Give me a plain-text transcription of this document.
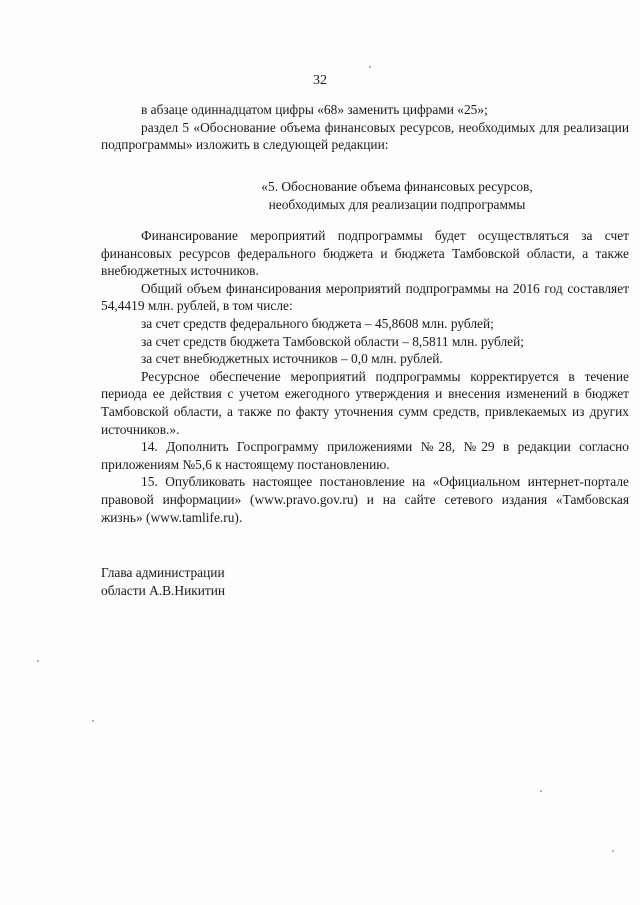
32

в абзаце одиннадцатом цифры «68» заменить цифрами «25»;

раздел 5 «Обоснование объема финансовых ресурсов, необходимых для реализации подпрограммы» изложить в следующей редакции:

«5. Обоснование объема финансовых ресурсов,
необходимых для реализации подпрограммы

Финансирование мероприятий подпрограммы будет осуществляться за счет финансовых ресурсов федерального бюджета и бюджета Тамбовской области, а также внебюджетных источников.

Общий объем финансирования мероприятий подпрограммы на 2016 год составляет 54,4419 млн. рублей, в том числе:

за счет средств федерального бюджета – 45,8608 млн. рублей;

за счет средств бюджета Тамбовской области – 8,5811 млн. рублей;

за счет внебюджетных источников – 0,0 млн. рублей.

Ресурсное обеспечение мероприятий подпрограммы корректируется в течение периода ее действия с учетом ежегодного утверждения и внесения изменений в бюджет Тамбовской области, а также по факту уточнения сумм средств, привлекаемых из других источников.».

14. Дополнить Госпрограмму приложениями №28, №29 в редакции согласно приложениям №5,6 к настоящему постановлению.

15. Опубликовать настоящее постановление на «Официальном интернет-портале правовой информации» (www.pravo.gov.ru) и на сайте сетевого издания «Тамбовская жизнь» (www.tamlife.ru).

Глава администрации
области А.В.Никитин
